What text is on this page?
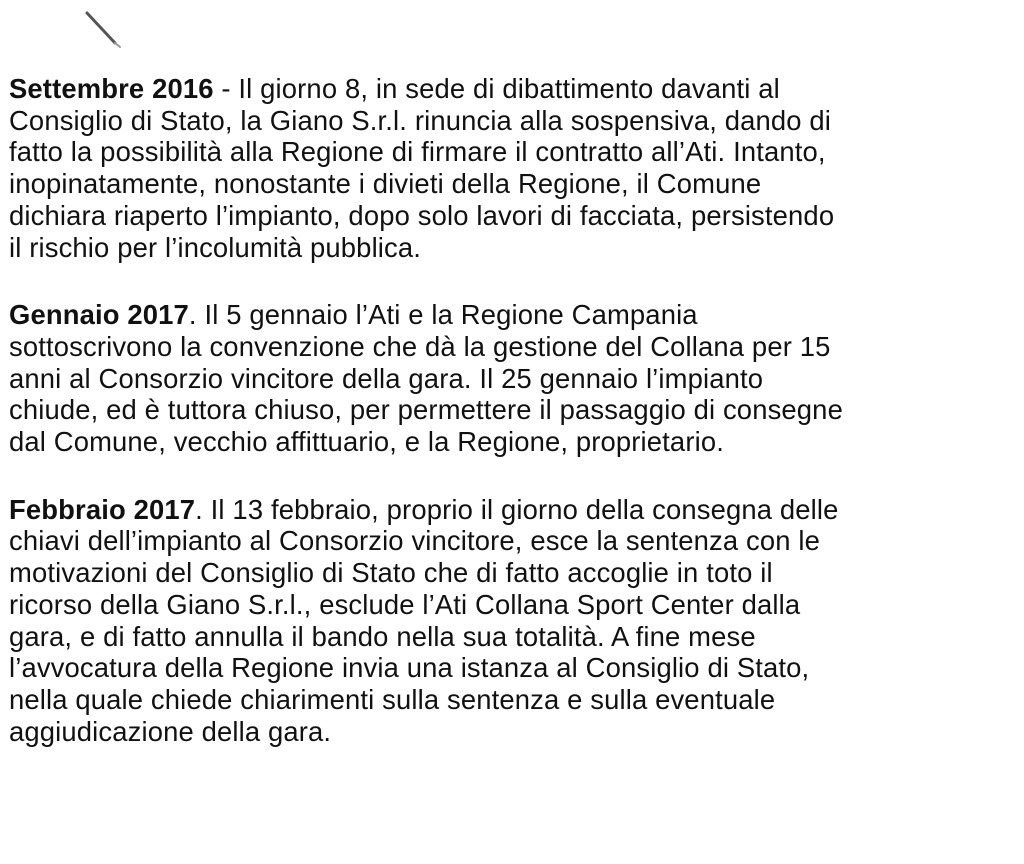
Settembre 2016 - Il giorno 8, in sede di dibattimento davanti al

Consiglio di Stato, la Giano S.r.l. rinuncia alla sospensiva, dando di

fatto la possibilità alla Regione di firmare il contratto all’Ati. Intanto,

inopinatamente, nonostante i divieti della Regione, il Comune

dichiara riaperto l’impianto, dopo solo lavori di facciata, persistendo

il rischio per l’incolumità pubblica.

Gennaio 2017. Il 5 gennaio l’Ati e la Regione Campania

sottoscrivono la convenzione che dà la gestione del Collana per 15

anni al Consorzio vincitore della gara. Il 25 gennaio l’impianto

chiude, ed è tuttora chiuso, per permettere il passaggio di consegne

dal Comune, vecchio affittuario, e la Regione, proprietario.

Febbraio 2017. Il 13 febbraio, proprio il giorno della consegna delle

chiavi dell’impianto al Consorzio vincitore, esce la sentenza con le

motivazioni del Consiglio di Stato che di fatto accoglie in toto il

ricorso della Giano S.r.l., esclude l’Ati Collana Sport Center dalla

gara, e di fatto annulla il bando nella sua totalità. A fine mese

l’avvocatura della Regione invia una istanza al Consiglio di Stato,

nella quale chiede chiarimenti sulla sentenza e sulla eventuale

aggiudicazione della gara.
